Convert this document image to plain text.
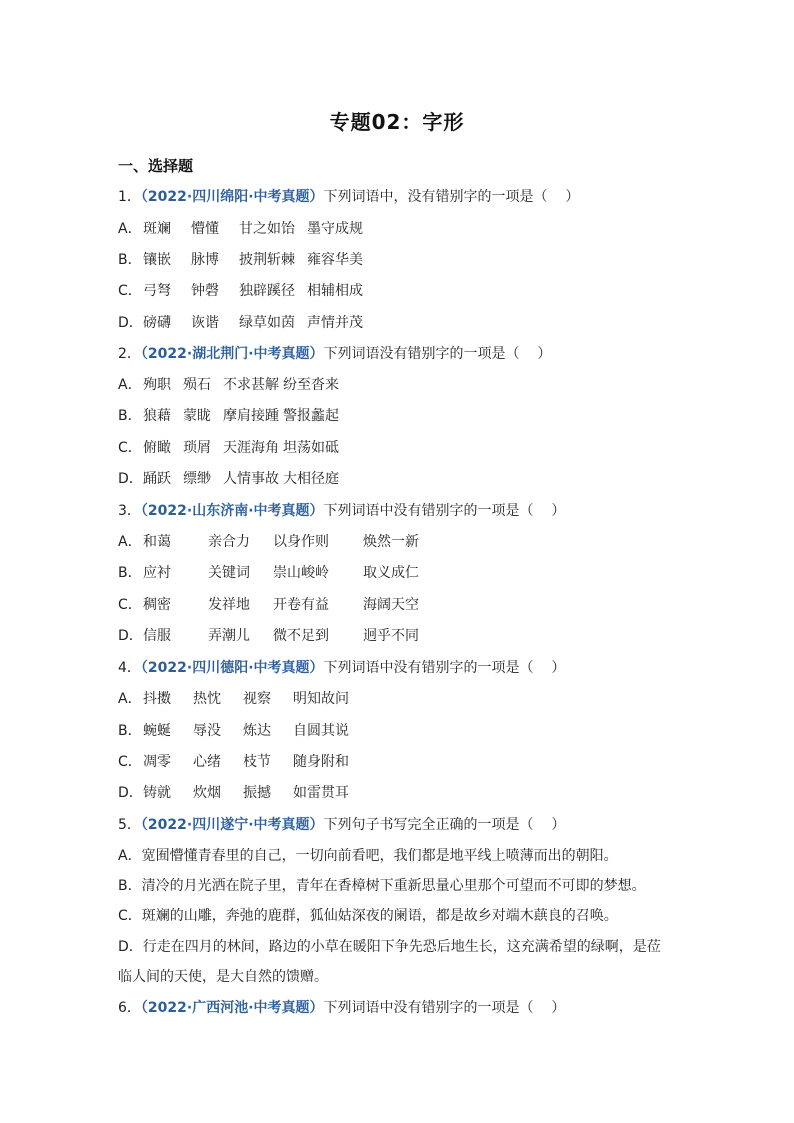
专题02：字形
一、选择题
1．（2022·四川绵阳·中考真题）下列词语中，没有错别字的一项是（    ）
A． 斑斓 懵懂 甘之如饴 墨守成规
B． 镶嵌 脉博 披荆斩棘 雍容华美
C． 弓弩 钟磬 独辟蹊径 相辅相成
D． 磅礴 诙谐 绿草如茵 声情并茂
2．（2022·湖北荆门·中考真题）下列词语没有错别字的一项是（    ）
A． 殉职 殒石 不求甚解 纷至沓来
B． 狼藉 蒙眬 摩肩接踵 警报蠡起
C． 俯瞰 琐屑 天涯海角 坦荡如砥
D． 踊跃 缥缈 人情事故 大相径庭
3．（2022·山东济南·中考真题）下列词语中没有错别字的一项是（    ）
A． 和蔼	亲合力 以身作则 焕然一新
B． 应衬	关键词 崇山峻岭 取义成仁
C． 稠密	发祥地 开卷有益 海阔天空
D． 信服	弄潮儿 微不足到 迥乎不同
4．（2022·四川德阳·中考真题）下列词语中没有错别字的一项是（    ）
A． 抖擞 热忱 视察 明知故问
B． 蜿蜒 辱没 炼达 自圆其说
C． 凋零 心绪 枝节 随身附和
D． 铸就 炊烟 振撼 如雷贯耳
5．（2022·四川遂宁·中考真题）下列句子书写完全正确的一项是（    ）
A．宽囿懵懂青春里的自己，一切向前看吧，我们都是地平线上喷薄而出的朝阳。
B．清冷的月光洒在院子里，青年在香樟树下重新思量心里那个可望而不可即的梦想。
C．斑斓的山雕，奔弛的鹿群，狐仙姑深夜的阑语，都是故乡对端木蕻良的召唤。
D．行走在四月的林间，路边的小草在暖阳下争先恐后地生长，这充满希望的绿啊，是莅
临人间的天使，是大自然的馈赠。
6．（2022·广西河池·中考真题）下列词语中没有错别字的一项是（    ）
